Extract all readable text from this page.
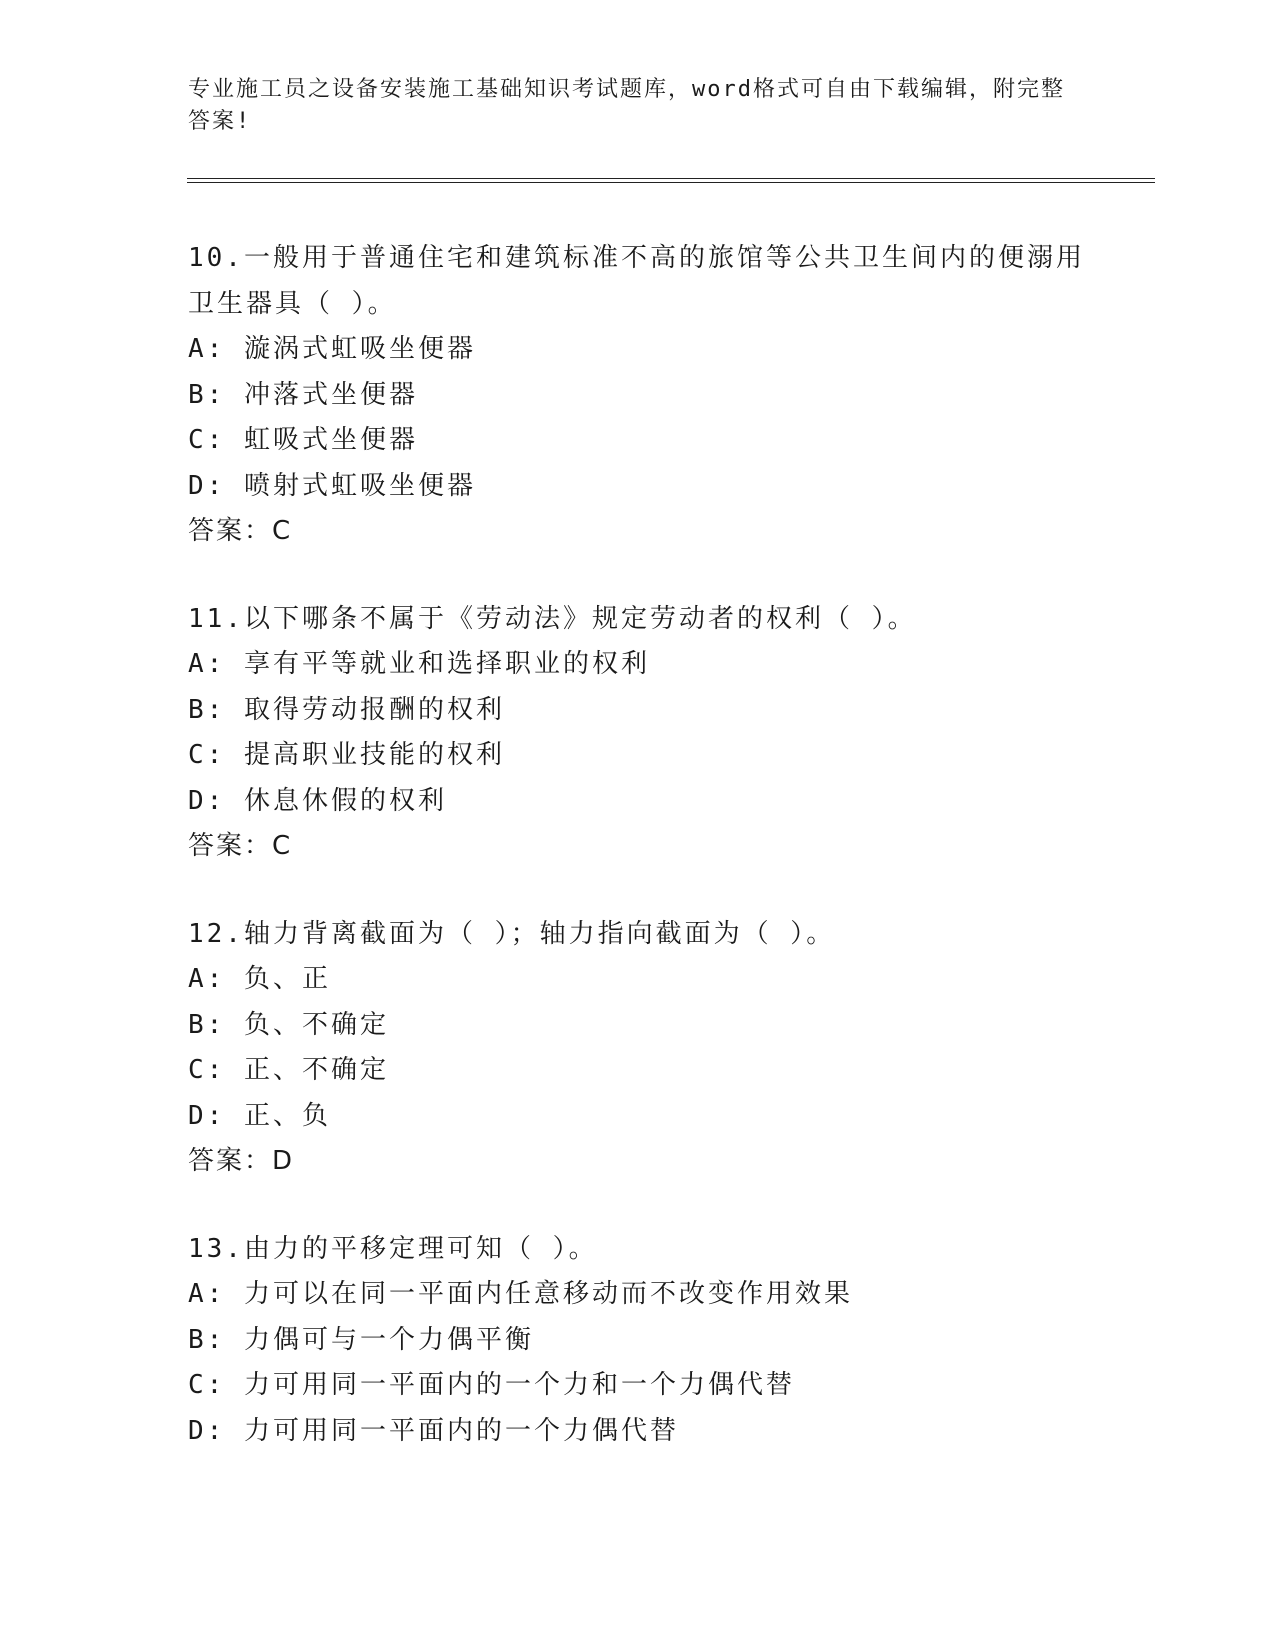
专业施工员之设备安装施工基础知识考试题库，word格式可自由下载编辑，附完整答案!

10.一般用于普通住宅和建筑标准不高的旅馆等公共卫生间内的便溺用卫生器具（ ）。

A: 漩涡式虹吸坐便器
B: 冲落式坐便器
C: 虹吸式坐便器
D: 喷射式虹吸坐便器
答案：C

11.以下哪条不属于《劳动法》规定劳动者的权利（ ）。

A: 享有平等就业和选择职业的权利
B: 取得劳动报酬的权利
C: 提高职业技能的权利
D: 休息休假的权利
答案：C

12.轴力背离截面为（ ）；轴力指向截面为（ ）。

A: 负、正
B: 负、不确定
C: 正、不确定
D: 正、负
答案：D

13.由力的平移定理可知（ ）。

A: 力可以在同一平面内任意移动而不改变作用效果
B: 力偶可与一个力偶平衡
C: 力可用同一平面内的一个力和一个力偶代替
D: 力可用同一平面内的一个力偶代替
